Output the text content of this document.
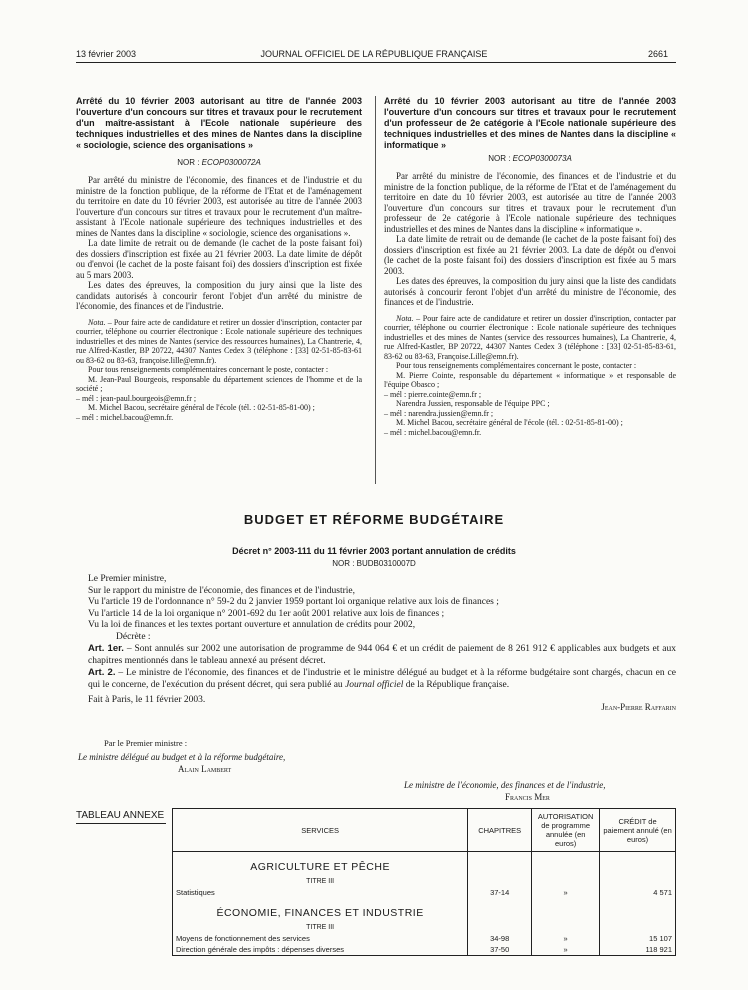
13 février 2003	JOURNAL OFFICIEL DE LA RÉPUBLIQUE FRANÇAISE	2661
Arrêté du 10 février 2003 autorisant au titre de l'année 2003 l'ouverture d'un concours sur titres et travaux pour le recrutement d'un maître-assistant à l'Ecole nationale supérieure des techniques industrielles et des mines de Nantes dans la discipline « sociologie, science des organisations »
NOR : ECOP0300072A

Par arrêté du ministre de l'économie, des finances et de l'industrie et du ministre de la fonction publique, de la réforme de l'Etat et de l'aménagement du territoire en date du 10 février 2003, est autorisée au titre de l'année 2003 l'ouverture d'un concours sur titres et travaux pour le recrutement d'un maître-assistant à l'Ecole nationale supérieure des techniques industrielles et des mines de Nantes dans la discipline « sociologie, science des organisations ».

La date limite de retrait ou de demande (le cachet de la poste faisant foi) des dossiers d'inscription est fixée au 21 février 2003. La date limite de dépôt ou d'envoi (le cachet de la poste faisant foi) des dossiers d'inscription est fixée au 5 mars 2003.

Les dates des épreuves, la composition du jury ainsi que la liste des candidats autorisés à concourir feront l'objet d'un arrêté du ministre de l'économie, des finances et de l'industrie.

Nota. – Pour faire acte de candidature et retirer un dossier d'inscription, contacter par courrier, téléphone ou courrier électronique : Ecole nationale supérieure des techniques industrielles et des mines de Nantes (service des ressources humaines), La Chantrerie, 4, rue Alfred-Kastler, BP 20722, 44307 Nantes Cedex 3 (téléphone : [33] 02-51-85-83-61 ou 83-62 ou 83-63, françoise.lille@emn.fr).

Pour tous renseignements complémentaires concernant le poste, contacter :

M. Jean-Paul Bourgeois, responsable du département sciences de l'homme et de la société ;

– mél : jean-paul.bourgeois@emn.fr ;

M. Michel Bacou, secrétaire général de l'école (tél. : 02-51-85-81-00) ;

– mél : michel.bacou@emn.fr.

Arrêté du 10 février 2003 autorisant au titre de l'année 2003 l'ouverture d'un concours sur titres et travaux pour le recrutement d'un professeur de 2e catégorie à l'Ecole nationale supérieure des techniques industrielles et des mines de Nantes dans la discipline « informatique »
NOR : ECOP0300073A

Par arrêté du ministre de l'économie, des finances et de l'industrie et du ministre de la fonction publique, de la réforme de l'Etat et de l'aménagement du territoire en date du 10 février 2003, est autorisée au titre de l'année 2003 l'ouverture d'un concours sur titres et travaux pour le recrutement d'un professeur de 2e catégorie à l'Ecole nationale supérieure des techniques industrielles et des mines de Nantes dans la discipline « informatique ».

La date limite de retrait ou de demande (le cachet de la poste faisant foi) des dossiers d'inscription est fixée au 21 février 2003. La date de dépôt ou d'envoi (le cachet de la poste faisant foi) des dossiers d'inscription est fixée au 5 mars 2003.

Les dates des épreuves, la composition du jury ainsi que la liste des candidats autorisés à concourir feront l'objet d'un arrêté du ministre de l'économie, des finances et de l'industrie.

Nota. – Pour faire acte de candidature et retirer un dossier d'inscription, contacter par courrier, téléphone ou courrier électronique : Ecole nationale supérieure des techniques industrielles et des mines de Nantes (service des ressources humaines), La Chantrerie, 4, rue Alfred-Kastler, BP 20722, 44307 Nantes Cedex 3 (téléphone : [33] 02-51-85-83-61, 83-62 ou 83-63, Françoise.Lille@emn.fr).

Pour tous renseignements complémentaires concernant le poste, contacter :

M. Pierre Cointe, responsable du département « informatique » et responsable de l'équipe Obasco ;

– mél : pierre.cointe@emn.fr ;

Narendra Jussien, responsable de l'équipe PPC ;

– mél : narendra.jussien@emn.fr ;

M. Michel Bacou, secrétaire général de l'école (tél. : 02-51-85-81-00) ;

– mél : michel.bacou@emn.fr.

BUDGET ET RÉFORME BUDGÉTAIRE
Décret n° 2003-111 du 11 février 2003 portant annulation de crédits
NOR : BUDB0310007D
Le Premier ministre,
Sur le rapport du ministre de l'économie, des finances et de l'industrie,
Vu l'article 19 de l'ordonnance n° 59-2 du 2 janvier 1959 portant loi organique relative aux lois de finances ;
Vu l'article 14 de la loi organique n° 2001-692 du 1er août 2001 relative aux lois de finances ;
Vu la loi de finances et les textes portant ouverture et annulation de crédits pour 2002,
Décrète :
Art. 1er. – Sont annulés sur 2002 une autorisation de programme de 944 064 € et un crédit de paiement de 8 261 912 € applicables aux budgets et aux chapitres mentionnés dans le tableau annexé au présent décret.
Art. 2. – Le ministre de l'économie, des finances et de l'industrie et le ministre délégué au budget et à la réforme budgétaire sont chargés, chacun en ce qui le concerne, de l'exécution du présent décret, qui sera publié au Journal officiel de la République française.
Fait à Paris, le 11 février 2003.
Jean-Pierre Raffarin
Par le Premier ministre :
Le ministre délégué au budget et à la réforme budgétaire,
Alain Lambert
Le ministre de l'économie, des finances et de l'industrie,
Francis Mer
TABLEAU ANNEXE
SERVICES	CHAPITRES	AUTORISATION de programme annulée (en euros)	CRÉDIT de paiement annulé (en euros)
AGRICULTURE ET PÊCHE			
TITRE III			
Statistiques	37-14	»	4 571
ÉCONOMIE, FINANCES ET INDUSTRIE			
TITRE III			
Moyens de fonctionnement des services	34-98	»	15 107
Direction générale des impôts : dépenses diverses	37-50	»	118 921
